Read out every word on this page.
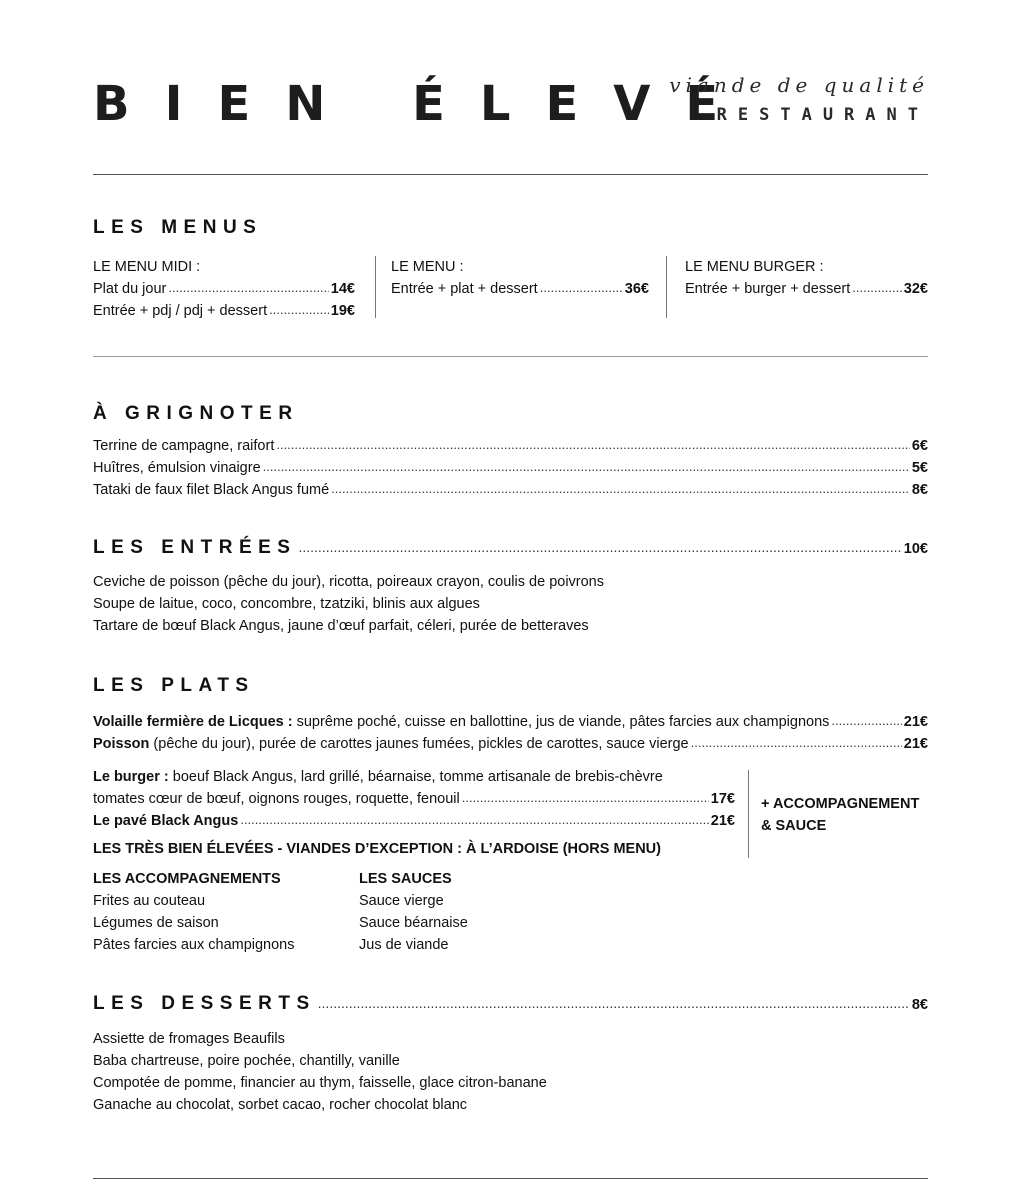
BIEN ÉLEVÉ
viande de qualité
RESTAURANT
LES MENUS
LE MENU MIDI :
Plat du jour .....	14€
Entrée + pdj / pdj + dessert .....	19€
LE MENU :
Entrée + plat + dessert .....	36€
LE MENU BURGER :
Entrée + burger + dessert .....	32€
À GRIGNOTER
Terrine de campagne, raifort .....	6€
Huîtres, émulsion vinaigre .....	5€
Tataki de faux filet Black Angus fumé .....	8€
LES ENTRÉES .....	10€
Ceviche de poisson (pêche du jour), ricotta, poireaux crayon, coulis de poivrons
Soupe de laitue, coco, concombre, tzatziki, blinis aux algues
Tartare de bœuf Black Angus, jaune d’œuf parfait, céleri, purée de betteraves
LES PLATS
Volaille fermière de Licques : suprême poché, cuisse en ballottine, jus de viande, pâtes farcies aux champignons .....	21€
Poisson (pêche du jour), purée de carottes jaunes fumées, pickles de carottes, sauce vierge .....	21€
Le burger : boeuf Black Angus, lard grillé, béarnaise, tomme artisanale de brebis-chèvre
tomates cœur de bœuf, oignons rouges, roquette, fenouil .....	17€
Le pavé Black Angus .....	21€
LES TRÈS BIEN ÉLEVÉES - VIANDES D’EXCEPTION : À L’ARDOISE (HORS MENU)
+ ACCOMPAGNEMENT
& SAUCE
LES ACCOMPAGNEMENTS
Frites au couteau
Légumes de saison
Pâtes farcies aux champignons
LES SAUCES
Sauce vierge
Sauce béarnaise
Jus de viande
LES DESSERTS .....	8€
Assiette de fromages Beaufils
Baba chartreuse, poire pochée, chantilly, vanille
Compotée de pomme, financier au thym, faisselle, glace citron-banane
Ganache au chocolat, sorbet cacao, rocher chocolat blanc
